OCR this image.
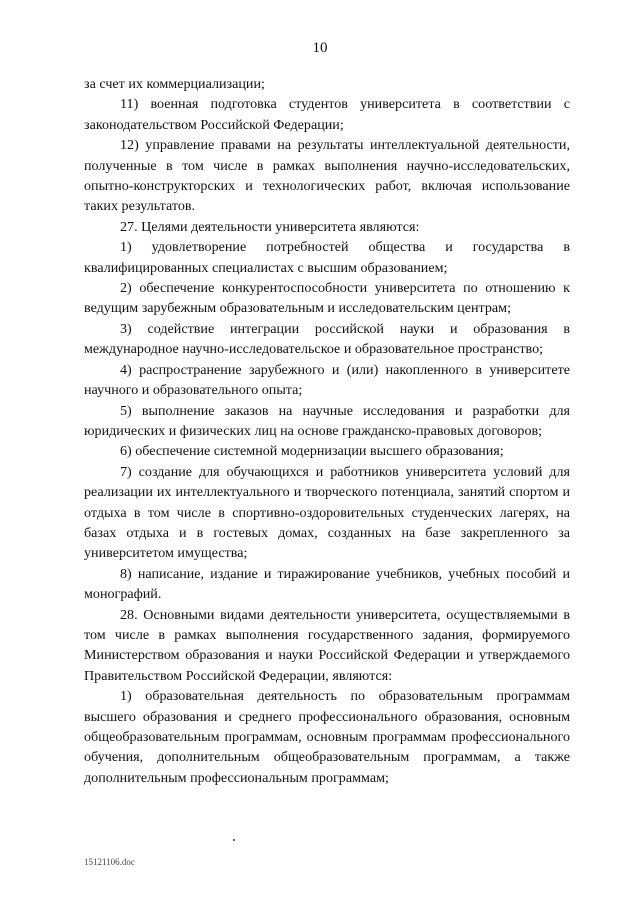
10

за счет их коммерциализации;

11) военная подготовка студентов университета в соответствии с законодательством Российской Федерации;

12) управление правами на результаты интеллектуальной деятельности, полученные в том числе в рамках выполнения научно-исследовательских, опытно-конструкторских и технологических работ, включая использование таких результатов.

27. Целями деятельности университета являются:

1) удовлетворение потребностей общества и государства в квалифицированных специалистах с высшим образованием;

2) обеспечение конкурентоспособности университета по отношению к ведущим зарубежным образовательным и исследовательским центрам;

3) содействие интеграции российской науки и образования в международное научно-исследовательское и образовательное пространство;

4) распространение зарубежного и (или) накопленного в университете научного и образовательного опыта;

5) выполнение заказов на научные исследования и разработки для юридических и физических лиц на основе гражданско-правовых договоров;

6) обеспечение системной модернизации высшего образования;

7) создание для обучающихся и работников университета условий для реализации их интеллектуального и творческого потенциала, занятий спортом и отдыха в том числе в спортивно-оздоровительных студенческих лагерях, на базах отдыха и в гостевых домах, созданных на базе закрепленного за университетом имущества;

8) написание, издание и тиражирование учебников, учебных пособий и монографий.

28. Основными видами деятельности университета, осуществляемыми в том числе в рамках выполнения государственного задания, формируемого Министерством образования и науки Российской Федерации и утверждаемого Правительством Российской Федерации, являются:

1) образовательная деятельность по образовательным программам высшего образования и среднего профессионального образования, основным общеобразовательным программам, основным программам профессионального обучения, дополнительным общеобразовательным программам, а также дополнительным профессиональным программам;

15121106.doc
